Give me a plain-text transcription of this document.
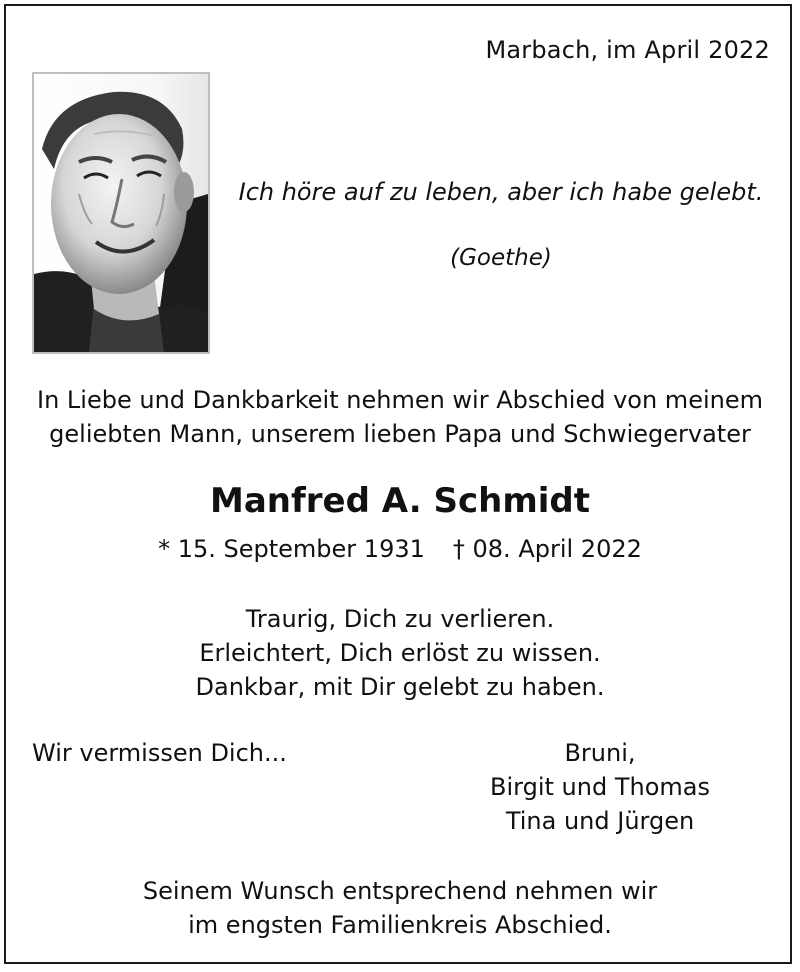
Marbach, im April 2022
Ich höre auf zu leben, aber ich habe gelebt.
(Goethe)
In Liebe und Dankbarkeit nehmen wir Abschied von meinem
geliebten Mann, unserem lieben Papa und Schwiegervater
Manfred A. Schmidt
* 15. September 1931 † 08. April 2022
Traurig, Dich zu verlieren.
Erleichtert, Dich erlöst zu wissen.
Dankbar, mit Dir gelebt zu haben.
Wir vermissen Dich...	Bruni,
Birgit und Thomas
Tina und Jürgen
Seinem Wunsch entsprechend nehmen wir
im engsten Familienkreis Abschied.
